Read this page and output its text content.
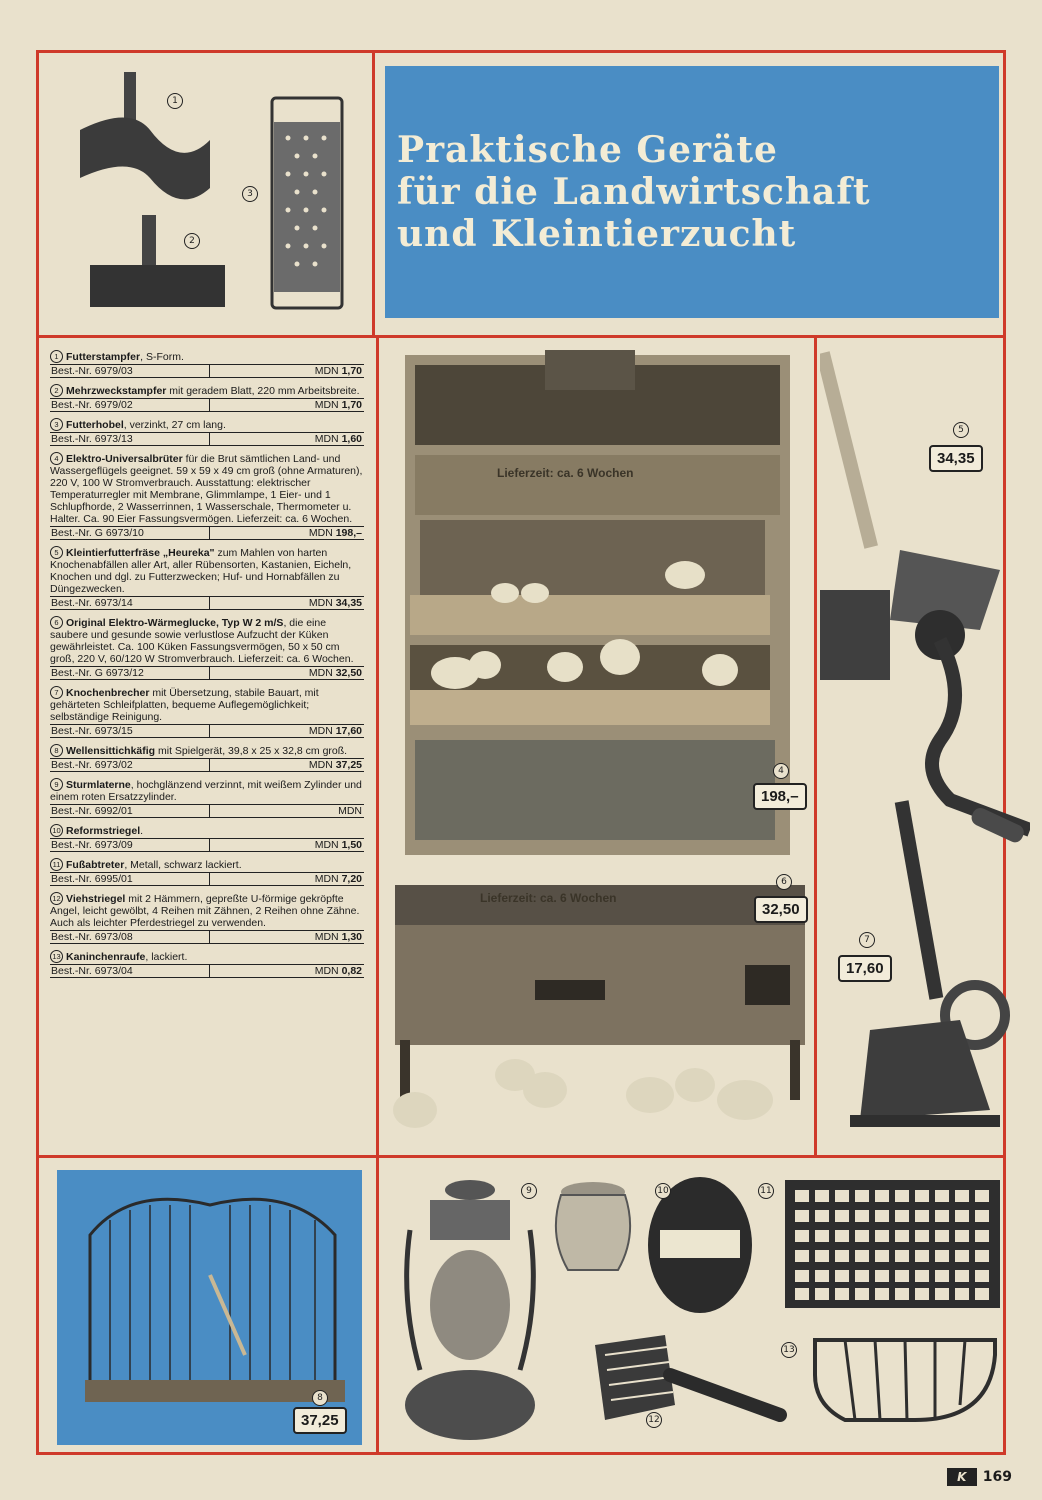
Praktische Geräte
für die Landwirtschaft
und Kleintierzucht
1
2
3
1 Futterstampfer, S-Form.
Best.-Nr. 6979/03	MDN 1,70
2 Mehrzweckstampfer mit geradem Blatt, 220 mm Arbeitsbreite.
Best.-Nr. 6979/02	MDN 1,70
3 Futterhobel, verzinkt, 27 cm lang.
Best.-Nr. 6973/13	MDN 1,60
4 Elektro-Universalbrüter für die Brut sämtlichen Land- und Wassergeflügels geeignet. 59 x 59 x 49 cm groß (ohne Armaturen), 220 V, 100 W Stromverbrauch. Ausstattung: elektrischer Temperaturregler mit Membrane, Glimmlampe, 1 Eier- und 1 Schlupfhorde, 2 Wasserrinnen, 1 Wasserschale, Thermometer u. Halter. Ca. 90 Eier Fassungsvermögen. Lieferzeit: ca. 6 Wochen.
Best.-Nr. G 6973/10	MDN 198,–
5 Kleintierfutterfräse „Heureka" zum Mahlen von harten Knochenabfällen aller Art, aller Rübensorten, Kastanien, Eicheln, Knochen und dgl. zu Futterzwecken; Huf- und Hornabfällen zu Düngezwecken.
Best.-Nr. 6973/14	MDN 34,35
6 Original Elektro-Wärmeglucke, Typ W 2 m/S, die eine saubere und gesunde sowie verlustlose Aufzucht der Küken gewährleistet. Ca. 100 Küken Fassungsvermögen, 50 x 50 cm groß, 220 V, 60/120 W Stromverbrauch. Lieferzeit: ca. 6 Wochen.
Best.-Nr. G 6973/12	MDN 32,50
7 Knochenbrecher mit Übersetzung, stabile Bauart, mit gehärteten Schleifplatten, bequeme Auflegemöglichkeit; selbständige Reinigung.
Best.-Nr. 6973/15	MDN 17,60
8 Wellensittichkäfig mit Spielgerät, 39,8 x 25 x 32,8 cm groß.
Best.-Nr. 6973/02	MDN 37,25
9 Sturmlaterne, hochglänzend verzinnt, mit weißem Zylinder und einem roten Ersatzzylinder.
Best.-Nr. 6992/01	MDN
10 Reformstriegel.
Best.-Nr. 6973/09	MDN 1,50
11 Fußabtreter, Metall, schwarz lackiert.
Best.-Nr. 6995/01	MDN 7,20
12 Viehstriegel mit 2 Hämmern, gepreßte U-förmige gekröpfte Angel, leicht gewölbt, 4 Reihen mit Zähnen, 2 Reihen ohne Zähne. Auch als leichter Pferdestriegel zu verwenden.
Best.-Nr. 6973/08	MDN 1,30
13 Kaninchenraufe, lackiert.
Best.-Nr. 6973/04	MDN 0,82
Lieferzeit: ca. 6 Wochen
4
198,–
Lieferzeit: ca. 6 Wochen
6
32,50
5
34,35
7
17,60
8
37,25
9	10	11
12
13
K	169
